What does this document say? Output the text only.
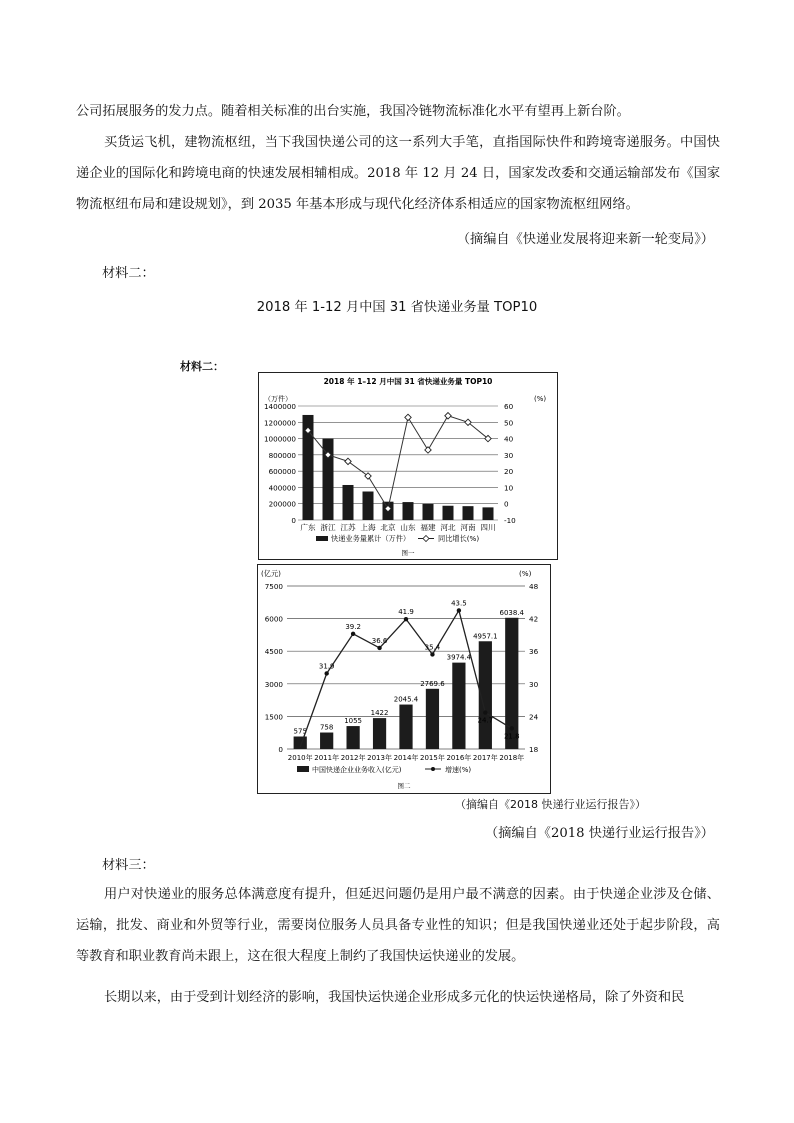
公司拓展服务的发力点。随着相关标准的出台实施，我国冷链物流标准化水平有望再上新台阶。

买货运飞机，建物流枢纽，当下我国快递公司的这一系列大手笔，直指国际快件和跨境寄递服务。中国快递企业的国际化和跨境电商的快速发展相辅相成。2018 年 12 月 24 日，国家发改委和交通运输部发布《国家物流枢纽布局和建设规划》，到 2035 年基本形成与现代化经济体系相适应的国家物流枢纽网络。

（摘编自《快递业发展将迎来新一轮变局》）
材料二：
2018 年 1-12 月中国 31 省快递业务量 TOP10
材料二：
2018 年 1–12 月中国 31 省快递业务量 TOP10
（万件）	(%)
0
200000
400000
600000
800000
1000000
1200000
1400000
-10
0
10
20
30
40
50
60
广东 浙江 江苏 上海 北京 山东 福建 河北 河南 四川
快递业务量累计（万件）	同比增长(%)
图一
(亿元)	(%)
0
1500
3000
4500
6000
7500
18
24
30
36
42
48
575
2010年
758
2011年
1055
2012年
1422
2013年
2045.4
2014年
2769.6
2015年
3974.4
2016年
4957.1
2017年
6038.4
2018年
31.9
39.2
36.6
41.9
35.4
43.5
24.7
21.8
中国快递企业业务收入(亿元)	增速(%)
图二
（摘编自《2018 快递行业运行报告》）
（摘编自《2018 快递行业运行报告》）
材料三：

用户对快递业的服务总体满意度有提升，但延迟问题仍是用户最不满意的因素。由于快递企业涉及仓储、运输，批发、商业和外贸等行业，需要岗位服务人员具备专业性的知识；但是我国快递业还处于起步阶段，高等教育和职业教育尚未跟上，这在很大程度上制约了我国快运快递业的发展。

长期以来，由于受到计划经济的影响，我国快运快递企业形成多元化的快运快递格局，除了外资和民
